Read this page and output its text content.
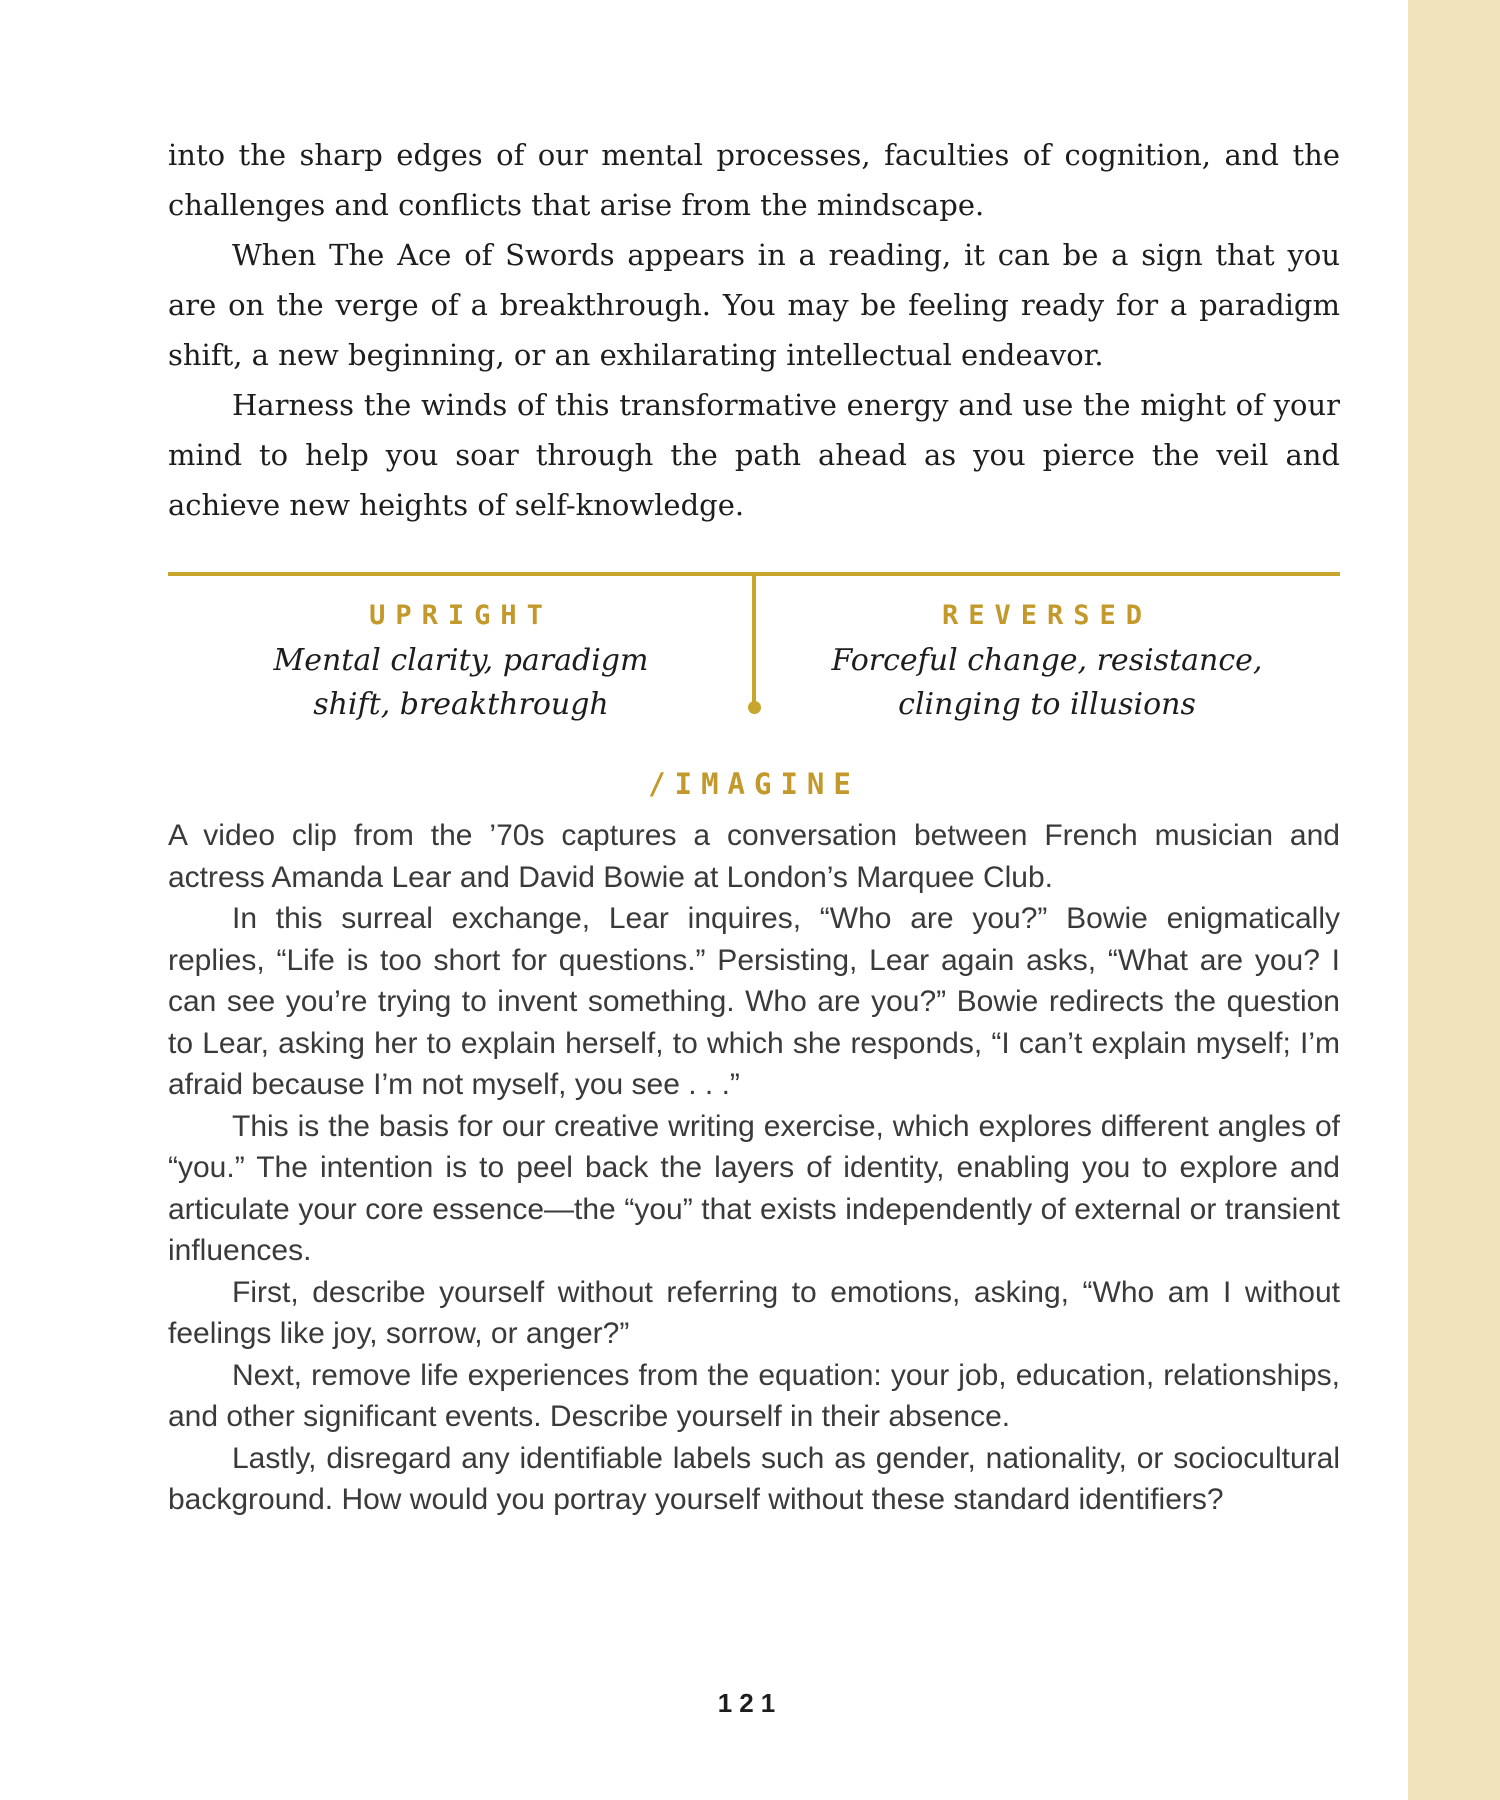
into the sharp edges of our mental processes, faculties of cognition, and the challenges and conflicts that arise from the mindscape.

When The Ace of Swords appears in a reading, it can be a sign that you are on the verge of a breakthrough. You may be feeling ready for a paradigm shift, a new beginning, or an exhilarating intellectual endeavor.

Harness the winds of this transformative energy and use the might of your mind to help you soar through the path ahead as you pierce the veil and achieve new heights of self-knowledge.

UPRIGHT

Mental clarity, paradigm shift, breakthrough

REVERSED

Forceful change, resistance, clinging to illusions

/IMAGINE

A video clip from the ’70s captures a conversation between French musician and actress Amanda Lear and David Bowie at London’s Marquee Club.

In this surreal exchange, Lear inquires, “Who are you?” Bowie enigmatically replies, “Life is too short for questions.” Persisting, Lear again asks, “What are you? I can see you’re trying to invent something. Who are you?” Bowie redirects the question to Lear, asking her to explain herself, to which she responds, “I can’t explain myself; I’m afraid because I’m not myself, you see . . .”

This is the basis for our creative writing exercise, which explores different angles of “you.” The intention is to peel back the layers of identity, enabling you to explore and articulate your core essence—the “you” that exists independently of external or transient influences.

First, describe yourself without referring to emotions, asking, “Who am I without feelings like joy, sorrow, or anger?”

Next, remove life experiences from the equation: your job, education, relationships, and other significant events. Describe yourself in their absence.

Lastly, disregard any identifiable labels such as gender, nationality, or sociocultural background. How would you portray yourself without these standard identifiers?

121
